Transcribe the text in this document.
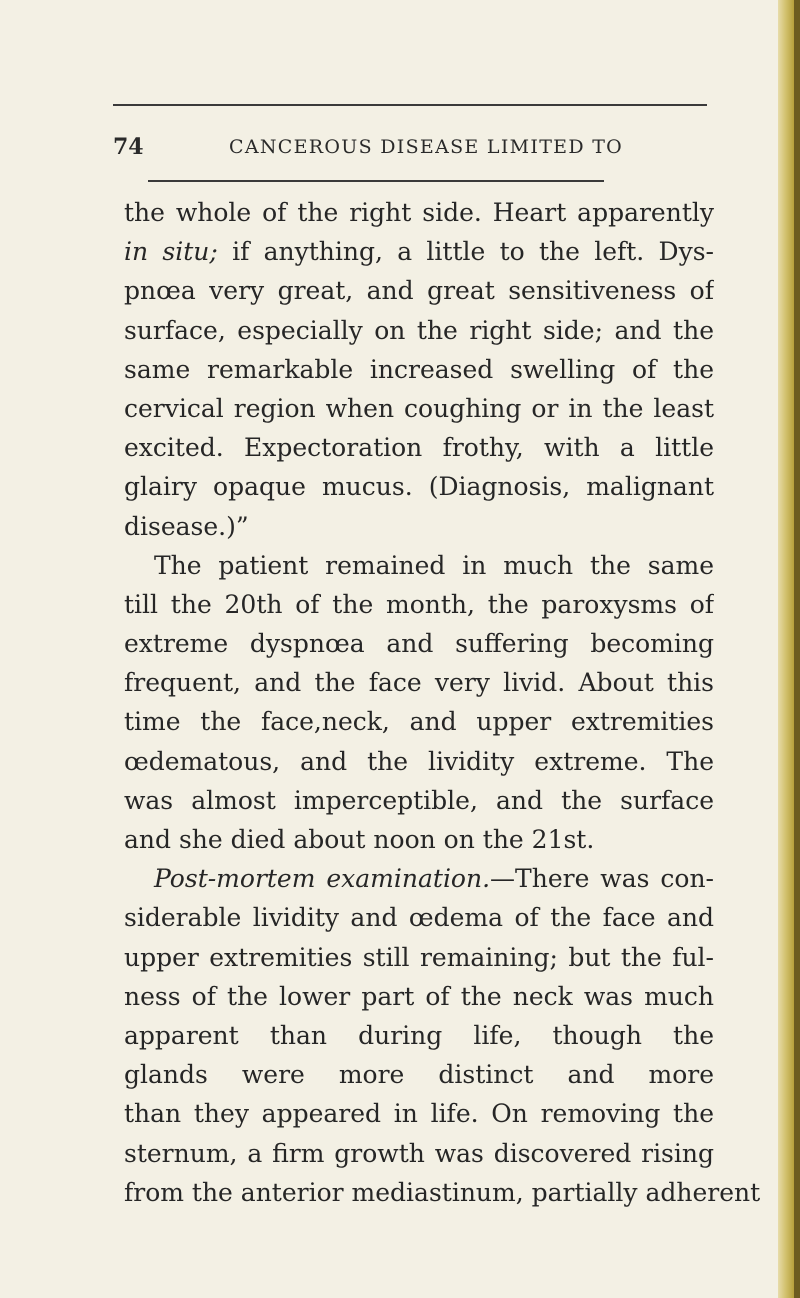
74	CANCEROUS DISEASE LIMITED TO
the whole of the right side. Heart apparently
in situ; if anything, a little to the left. Dys-
pnœa very great, and great sensitiveness of
surface, especially on the right side; and the
same remarkable increased swelling of the
cervical region when coughing or in the least
excited. Expectoration frothy, with a little
glairy opaque mucus. (Diagnosis, malignant
disease.)”
The patient remained in much the same
till the 20th of the month, the paroxysms of
extreme dyspnœa and suffering becoming
frequent, and the face very livid. About this
time the face,neck, and upper extremities
œdematous, and the lividity extreme. The
was almost imperceptible, and the surface
and she died about noon on the 21st.
Post-mortem examination.—There was con-
siderable lividity and œdema of the face and
upper extremities still remaining; but the ful-
ness of the lower part of the neck was much
apparent than during life, though the
glands were more distinct and more
than they appeared in life. On removing the
sternum, a firm growth was discovered rising
from the anterior mediastinum, partially adherent
